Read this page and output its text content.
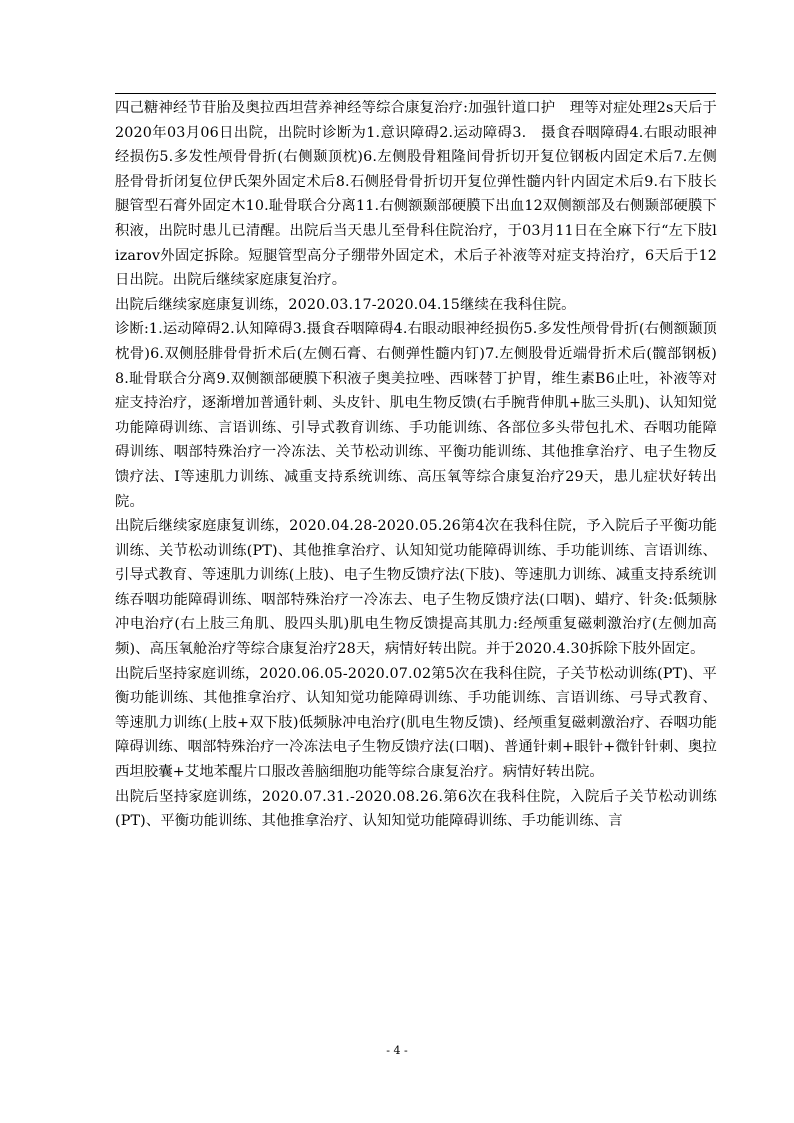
四己糖神经节苷胎及奥拉西坦营养神经等综合康复治疗:加强针道口护　理等对症处理2s天后于2020年03月06日出院，出院时诊断为1.意识障碍2.运动障碍3.　摄食吞咽障碍4.右眼动眼神经损伤5.多发性颅骨骨折(右侧颞顶枕)6.左侧股骨粗隆间骨折切开复位钢板内固定术后7.左侧胫骨骨折闭复位伊氏架外固定术后8.石侧胫骨骨折切开复位弹性髓内针内固定术后9.右下肢长腿管型石膏外固定木10.耻骨联合分离11.右侧额颞部硬膜下出血12双侧额部及右侧颞部硬膜下积液，出院时患儿已清醒。出院后当天患儿至骨科住院治疗，于03月11日在全麻下行“左下肢lizarov外固定拆除。短腿管型高分子绷带外固定术，术后子补液等对症支持治疗，6天后于12日出院。出院后继续家庭康复治疗。

出院后继续家庭康复训练，2020.03.17-2020.04.15继续在我科住院。

诊断:1.运动障碍2.认知障碍3.摄食吞咽障碍4.右眼动眼神经损伤5.多发性颅骨骨折(右侧额颞顶枕骨)6.双侧胫腓骨骨折术后(左侧石膏、右侧弹性髓内钉)7.左侧股骨近端骨折术后(髋部钢板)8.耻骨联合分离9.双侧额部硬膜下积液子奥美拉唑、西咪替丁护胃，维生素B6止吐，补液等对症支持治疗，逐渐增加普通针刺、头皮针、肌电生物反馈(右手腕背伸肌+肱三头肌)、认知知觉功能障碍训练、言语训练、引导式教育训练、手功能训练、各部位多头带包扎术、吞咽功能障碍训练、咽部特殊治疗一冷冻法、关节松动训练、平衡功能训练、其他推拿治疗、电子生物反馈疗法、I等速肌力训练、减重支持系统训练、高压氧等综合康复治疗29天，患儿症状好转出院。

出院后继续家庭康复训练，2020.04.28-2020.05.26第4次在我科住院，予入院后子平衡功能训练、关节松动训练(PT)、其他推拿治疗、认知知觉功能障碍训练、手功能训练、言语训练、引导式教育、等速肌力训练(上肢)、电子生物反馈疗法(下肢)、等速肌力训练、减重支持系统训练吞咽功能障碍训练、咽部特殊治疗一冷冻去、电子生物反馈疗法(口咽)、蜡疗、针灸:低频脉冲电治疗(右上肢三角肌、股四头肌)肌电生物反馈提高其肌力:经颅重复磁刺激治疗(左侧加高频)、高压氧舱治疗等综合康复治疗28天，病情好转出院。并于2020.4.30拆除下肢外固定。

出院后坚持家庭训练，2020.06.05-2020.07.02第5次在我科住院，子关节松动训练(PT)、平衡功能训练、其他推拿治疗、认知知觉功能障碍训练、手功能训练、言语训练、弓导式教育、等速肌力训练(上肢+双下肢)低频脉冲电治疗(肌电生物反馈)、经颅重复磁刺激治疗、吞咽功能障碍训练、咽部特殊治疗一冷冻法电子生物反馈疗法(口咽)、普通针刺+眼针+微针针刺、奥拉西坦胶囊+艾地苯醌片口服改善脑细胞功能等综合康复治疗。病情好转出院。

出院后坚持家庭训练，2020.07.31.-2020.08.26.第6次在我科住院，入院后子关节松动训练(PT)、平衡功能训练、其他推拿治疗、认知知觉功能障碍训练、手功能训练、言

- 4 -
